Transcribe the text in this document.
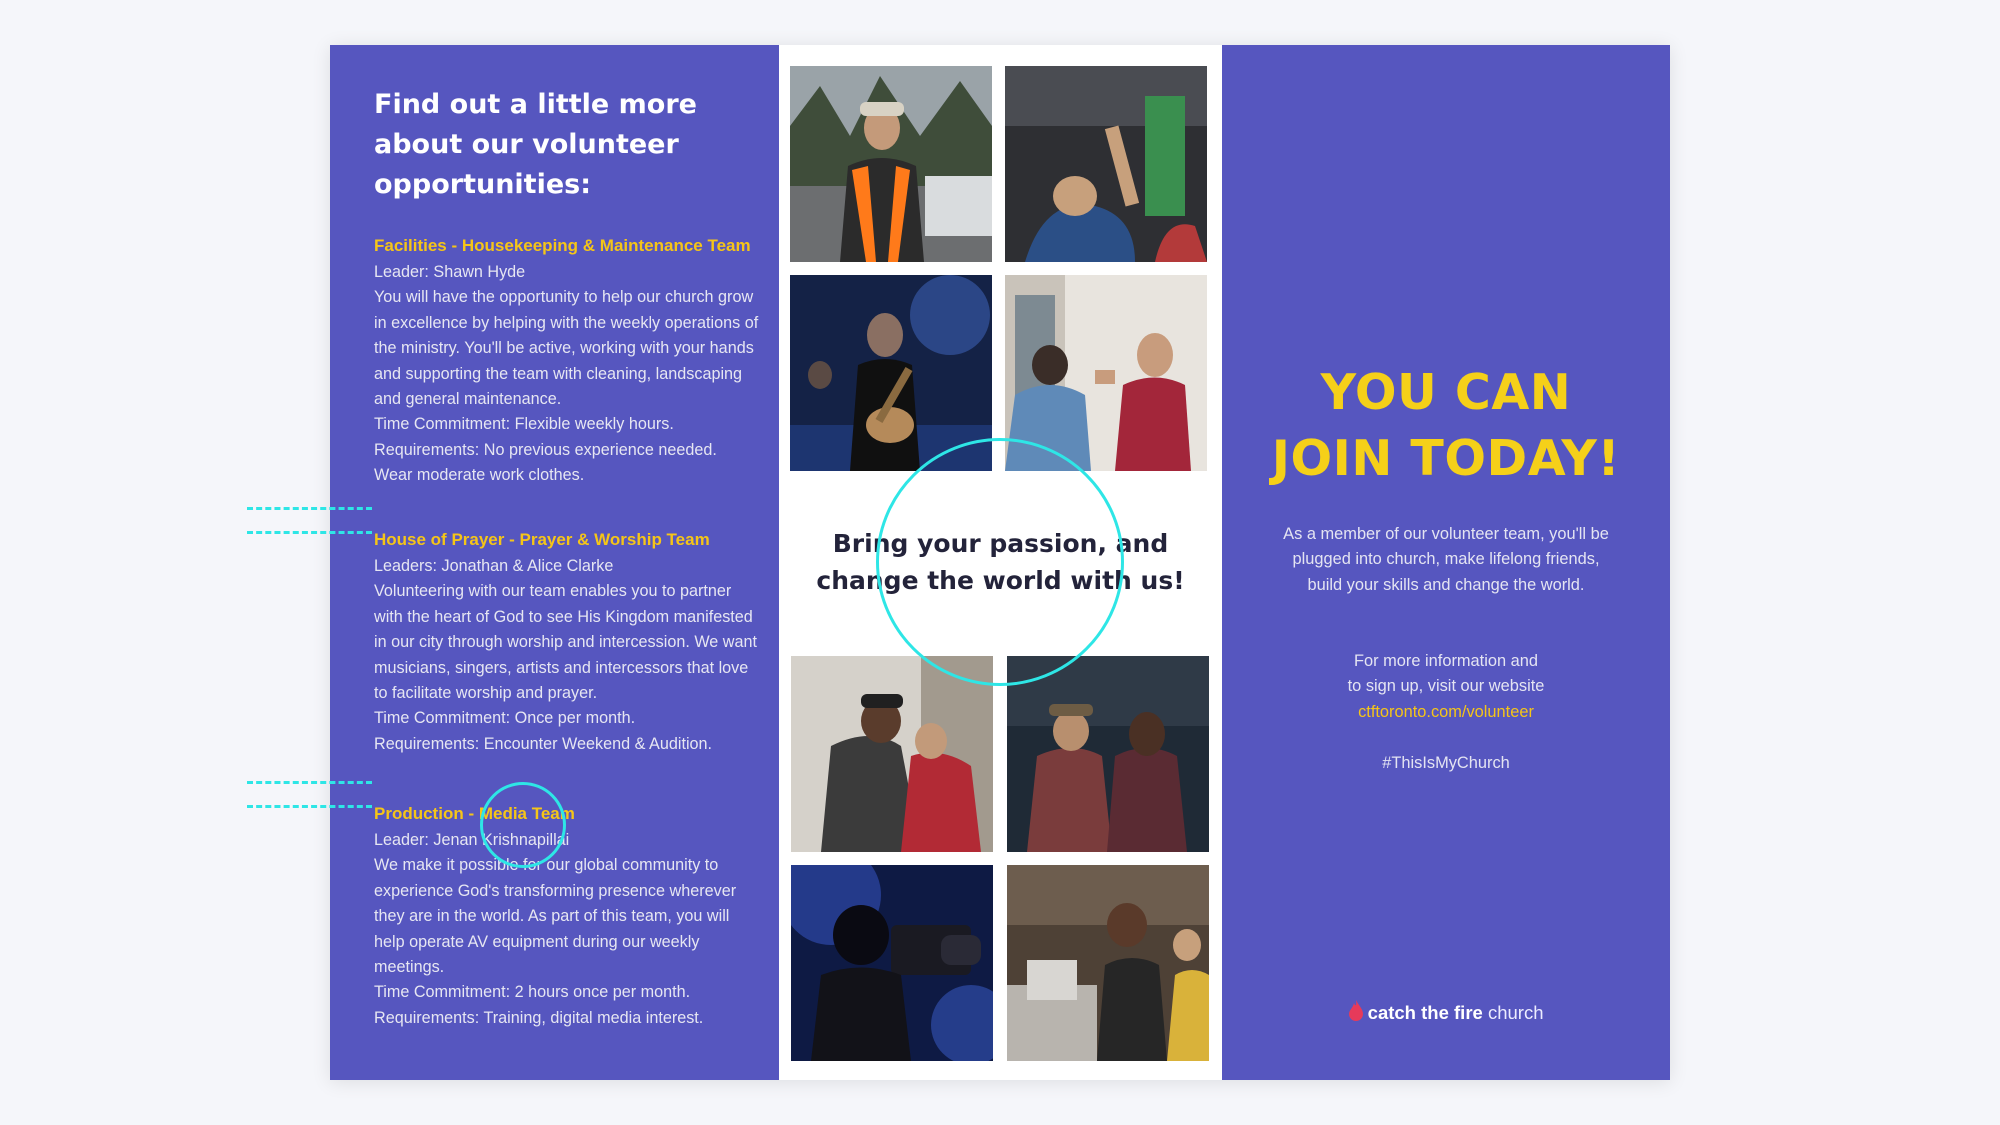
Find out a little more about our volunteer opportunities:
Facilities - Housekeeping & Maintenance Team

Leader: Shawn Hyde
You will have the opportunity to help our church grow in excellence by helping with the weekly operations of the ministry. You'll be active, working with your hands and supporting the team with cleaning, landscaping and general maintenance.
Time Commitment: Flexible weekly hours.
Requirements: No previous experience needed. Wear moderate work clothes.

House of Prayer - Prayer & Worship Team

Leaders: Jonathan & Alice Clarke
Volunteering with our team enables you to partner with the heart of God to see His Kingdom manifested in our city through worship and intercession. We want musicians, singers, artists and intercessors that love to facilitate worship and prayer.
Time Commitment: Once per month.
Requirements: Encounter Weekend & Audition.

Production - Media Team

Leader: Jenan Krishnapillai
We make it possible for our global community to experience God's transforming presence wherever they are in the world. As part of this team, you will help operate AV equipment during our weekly meetings.
Time Commitment: 2 hours once per month.
Requirements: Training, digital media interest.

Bring your passion, and change the world with us!
YOU CAN
JOIN TODAY!
As a member of our volunteer team, you'll be plugged into church, make lifelong friends, build your skills and change the world.
For more information and
to sign up, visit our website
ctftoronto.com/volunteer
#ThisIsMyChurch
catch the fire church
